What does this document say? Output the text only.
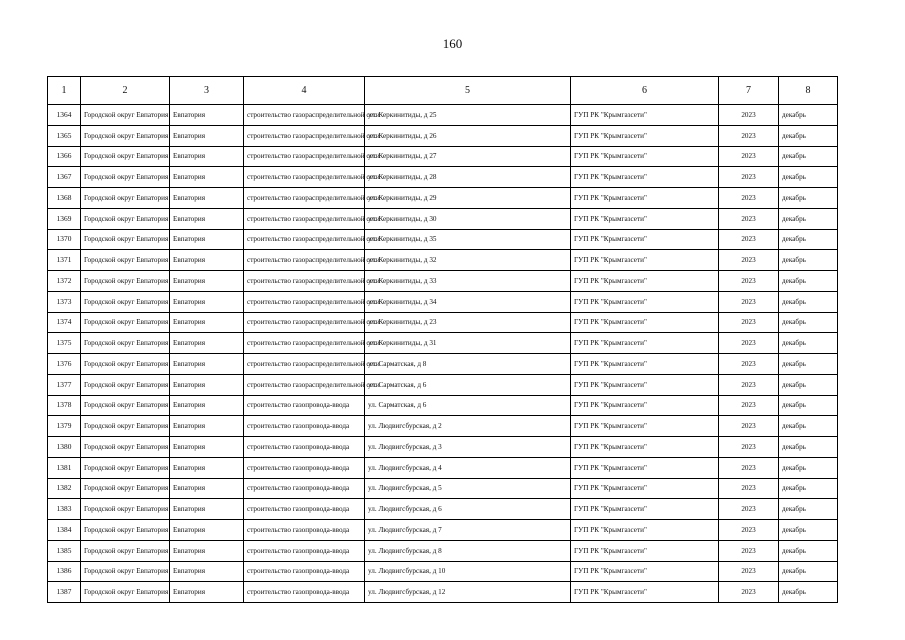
160
1	2	3	4	5	6	7	8
1364	Городской округ Евпатория	Евпатория	строительство газораспределительной сети	ул. Керкинитиды, д 25	ГУП РК "Крымгазсети"	2023	декабрь
1365	Городской округ Евпатория	Евпатория	строительство газораспределительной сети	ул. Керкинитиды, д 26	ГУП РК "Крымгазсети"	2023	декабрь
1366	Городской округ Евпатория	Евпатория	строительство газораспределительной сети	ул. Керкинитиды, д 27	ГУП РК "Крымгазсети"	2023	декабрь
1367	Городской округ Евпатория	Евпатория	строительство газораспределительной сети	ул. Керкинитиды, д 28	ГУП РК "Крымгазсети"	2023	декабрь
1368	Городской округ Евпатория	Евпатория	строительство газораспределительной сети	ул. Керкинитиды, д 29	ГУП РК "Крымгазсети"	2023	декабрь
1369	Городской округ Евпатория	Евпатория	строительство газораспределительной сети	ул. Керкинитиды, д 30	ГУП РК "Крымгазсети"	2023	декабрь
1370	Городской округ Евпатория	Евпатория	строительство газораспределительной сети	ул. Керкинитиды, д 35	ГУП РК "Крымгазсети"	2023	декабрь
1371	Городской округ Евпатория	Евпатория	строительство газораспределительной сети	ул. Керкинитиды, д 32	ГУП РК "Крымгазсети"	2023	декабрь
1372	Городской округ Евпатория	Евпатория	строительство газораспределительной сети	ул. Керкинитиды, д 33	ГУП РК "Крымгазсети"	2023	декабрь
1373	Городской округ Евпатория	Евпатория	строительство газораспределительной сети	ул. Керкинитиды, д 34	ГУП РК "Крымгазсети"	2023	декабрь
1374	Городской округ Евпатория	Евпатория	строительство газораспределительной сети	ул. Керкинитиды, д 23	ГУП РК "Крымгазсети"	2023	декабрь
1375	Городской округ Евпатория	Евпатория	строительство газораспределительной сети	ул. Керкинитиды, д 31	ГУП РК "Крымгазсети"	2023	декабрь
1376	Городской округ Евпатория	Евпатория	строительство газораспределительной сети	ул. Сарматская, д 8	ГУП РК "Крымгазсети"	2023	декабрь
1377	Городской округ Евпатория	Евпатория	строительство газораспределительной сети	ул. Сарматская, д 6	ГУП РК "Крымгазсети"	2023	декабрь
1378	Городской округ Евпатория	Евпатория	строительство газопровода-ввода	ул. Сарматская, д 6	ГУП РК "Крымгазсети"	2023	декабрь
1379	Городской округ Евпатория	Евпатория	строительство газопровода-ввода	ул. Людвигсбурская, д 2	ГУП РК "Крымгазсети"	2023	декабрь
1380	Городской округ Евпатория	Евпатория	строительство газопровода-ввода	ул. Людвигсбурская, д 3	ГУП РК "Крымгазсети"	2023	декабрь
1381	Городской округ Евпатория	Евпатория	строительство газопровода-ввода	ул. Людвигсбурская, д 4	ГУП РК "Крымгазсети"	2023	декабрь
1382	Городской округ Евпатория	Евпатория	строительство газопровода-ввода	ул. Людвигсбурская, д 5	ГУП РК "Крымгазсети"	2023	декабрь
1383	Городской округ Евпатория	Евпатория	строительство газопровода-ввода	ул. Людвигсбурская, д 6	ГУП РК "Крымгазсети"	2023	декабрь
1384	Городской округ Евпатория	Евпатория	строительство газопровода-ввода	ул. Людвигсбурская, д 7	ГУП РК "Крымгазсети"	2023	декабрь
1385	Городской округ Евпатория	Евпатория	строительство газопровода-ввода	ул. Людвигсбурская, д 8	ГУП РК "Крымгазсети"	2023	декабрь
1386	Городской округ Евпатория	Евпатория	строительство газопровода-ввода	ул. Людвигсбурская, д 10	ГУП РК "Крымгазсети"	2023	декабрь
1387	Городской округ Евпатория	Евпатория	строительство газопровода-ввода	ул. Людвигсбурская, д 12	ГУП РК "Крымгазсети"	2023	декабрь
